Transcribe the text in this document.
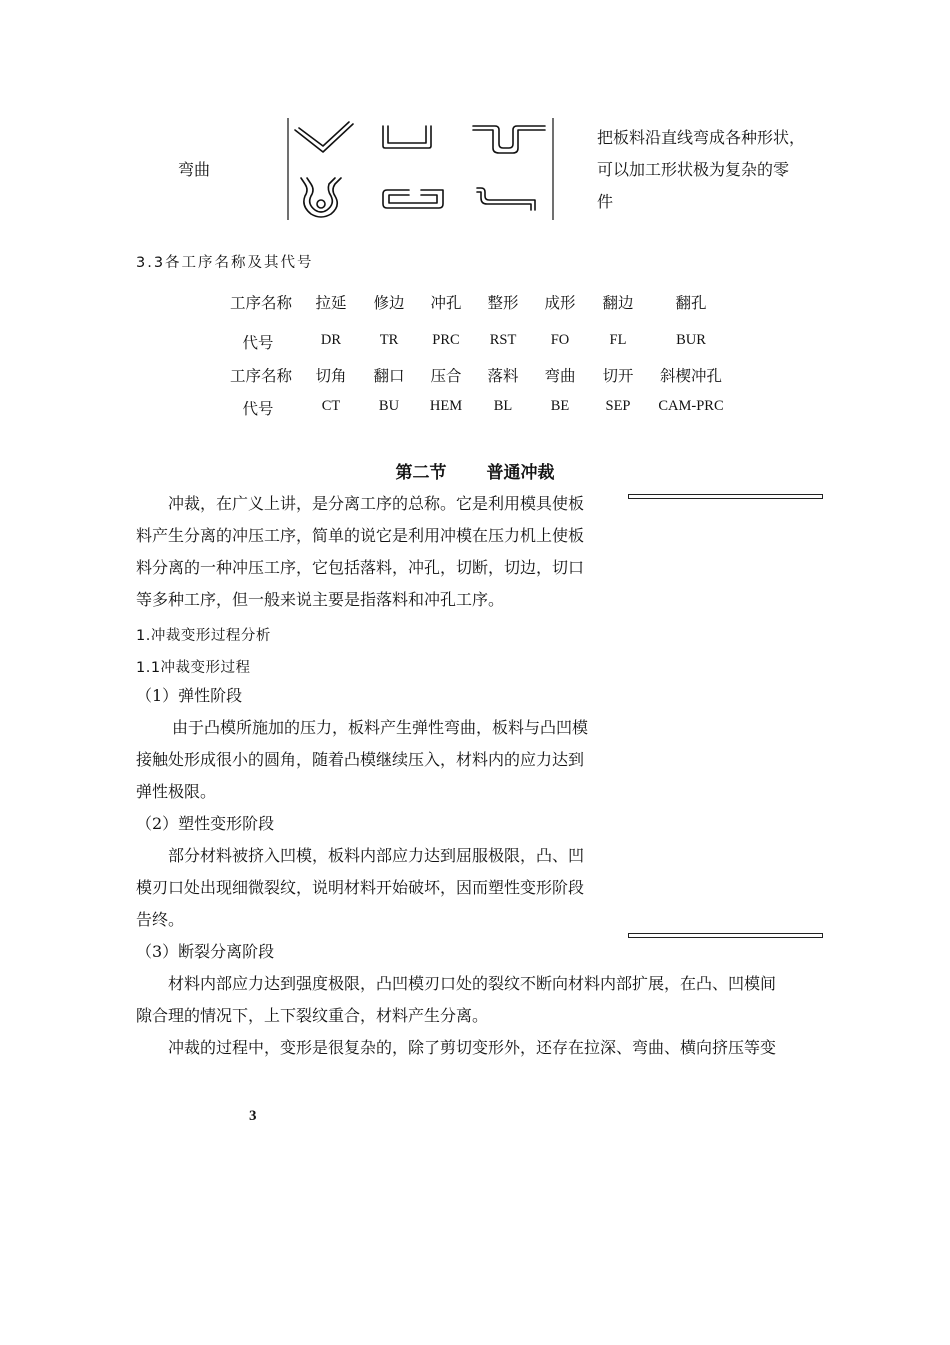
弯曲
把板料沿直线弯成各种形状，
可以加工形状极为复杂的零
件
3.3各工序名称及其代号
工序名称	拉延	修边	冲孔	整形	成形	翻边	翻孔
代号	DR	TR	PRC	RST	FO	FL	BUR
工序名称	切角	翻口	压合	落料	弯曲	切开	斜楔冲孔
代号	CT	BU	HEM	BL	BE	SEP	CAM-PRC
第二节 普通冲裁
冲裁，在广义上讲，是分离工序的总称。它是利用模具使板
料产生分离的冲压工序，简单的说它是利用冲模在压力机上使板
料分离的一种冲压工序，它包括落料，冲孔，切断，切边，切口
等多种工序，但一般来说主要是指落料和冲孔工序。
1.冲裁变形过程分析
1.1冲裁变形过程
（1）弹性阶段
由于凸模所施加的压力，板料产生弹性弯曲，板料与凸凹模
接触处形成很小的圆角，随着凸模继续压入，材料内的应力达到
弹性极限。
（2）塑性变形阶段
部分材料被挤入凹模，板料内部应力达到屈服极限，凸、凹
模刃口处出现细微裂纹，说明材料开始破坏，因而塑性变形阶段
告终。
（3）断裂分离阶段
材料内部应力达到强度极限，凸凹模刃口处的裂纹不断向材料内部扩展，在凸、凹模间
隙合理的情况下，上下裂纹重合，材料产生分离。
冲裁的过程中，变形是很复杂的，除了剪切变形外，还存在拉深、弯曲、横向挤压等变
3
